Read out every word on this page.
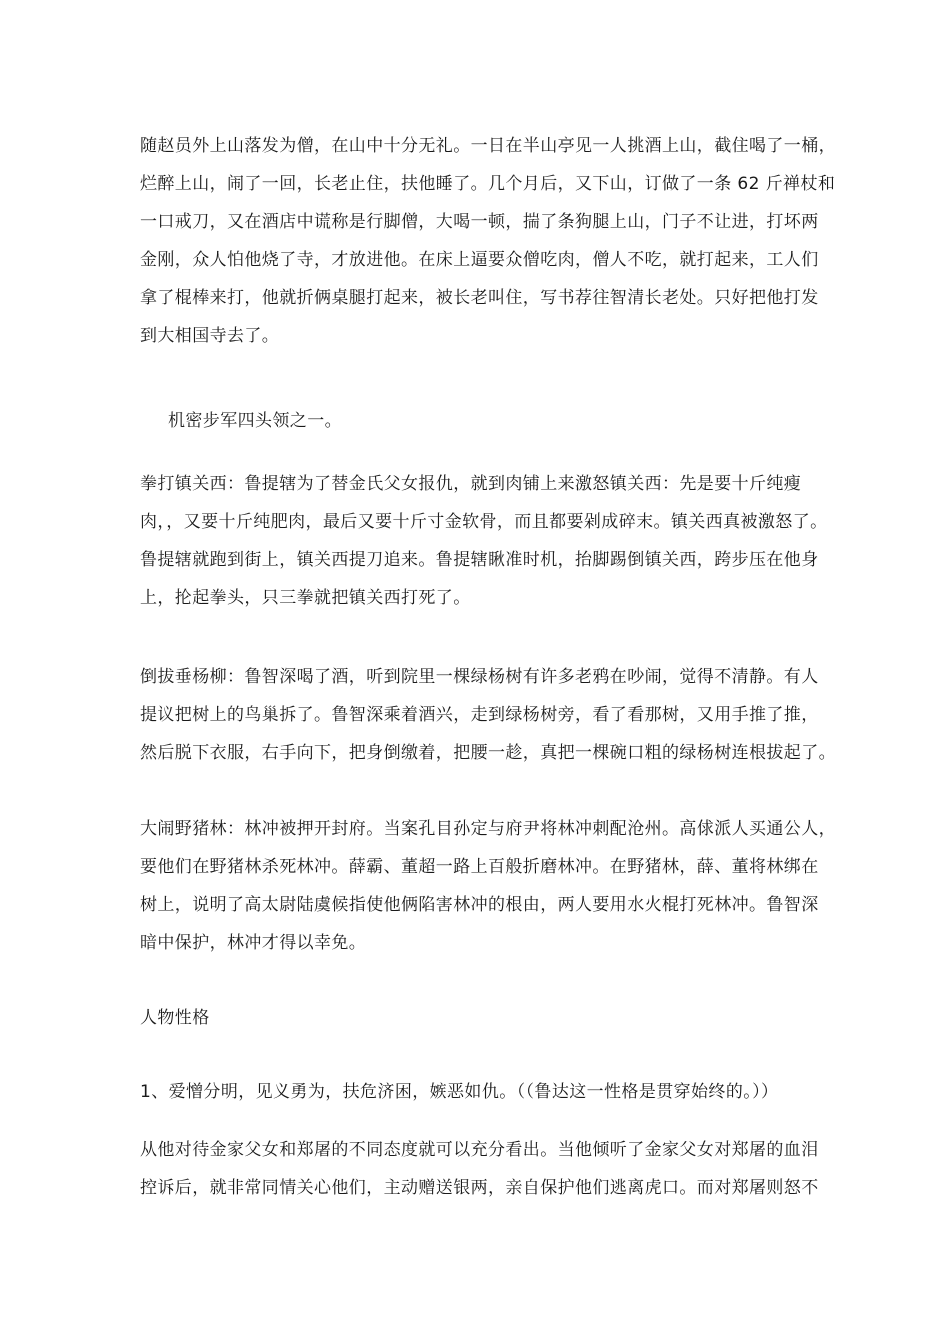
随赵员外上山落发为僧，在山中十分无礼。一日在半山亭见一人挑酒上山，截住喝了一桶，
烂醉上山，闹了一回，长老止住，扶他睡了。几个月后，又下山，订做了一条 62 斤禅杖和
一口戒刀，又在酒店中谎称是行脚僧，大喝一顿，揣了条狗腿上山，门子不让进，打坏两
金刚，众人怕他烧了寺，才放进他。在床上逼要众僧吃肉，僧人不吃，就打起来，工人们
拿了棍棒来打，他就折俩桌腿打起来，被长老叫住，写书荐往智清长老处。只好把他打发
到大相国寺去了。
机密步军四头领之一。
拳打镇关西：鲁提辖为了替金氏父女报仇，就到肉铺上来激怒镇关西：先是要十斤纯瘦
肉，，又要十斤纯肥肉，最后又要十斤寸金软骨，而且都要剁成碎末。镇关西真被激怒了。
鲁提辖就跑到街上，镇关西提刀追来。鲁提辖瞅准时机，抬脚踢倒镇关西，跨步压在他身
上，抡起拳头，只三拳就把镇关西打死了。
倒拔垂杨柳：鲁智深喝了酒，听到院里一棵绿杨树有许多老鸦在吵闹，觉得不清静。有人
提议把树上的鸟巢拆了。鲁智深乘着酒兴，走到绿杨树旁，看了看那树，又用手推了推，
然后脱下衣服，右手向下，把身倒缴着，把腰一趁，真把一棵碗口粗的绿杨树连根拔起了。
大闹野猪林：林冲被押开封府。当案孔目孙定与府尹将林冲刺配沧州。高俅派人买通公人，
要他们在野猪林杀死林冲。薛霸、董超一路上百般折磨林冲。在野猪林，薛、董将林绑在
树上，说明了高太尉陆虞候指使他俩陷害林冲的根由，两人要用水火棍打死林冲。鲁智深
暗中保护，林冲才得以幸免。
人物性格
1、爱憎分明，见义勇为，扶危济困，嫉恶如仇。（（鲁达这一性格是贯穿始终的。））
从他对待金家父女和郑屠的不同态度就可以充分看出。当他倾听了金家父女对郑屠的血泪
控诉后，就非常同情关心他们，主动赠送银两，亲自保护他们逃离虎口。而对郑屠则怒不
